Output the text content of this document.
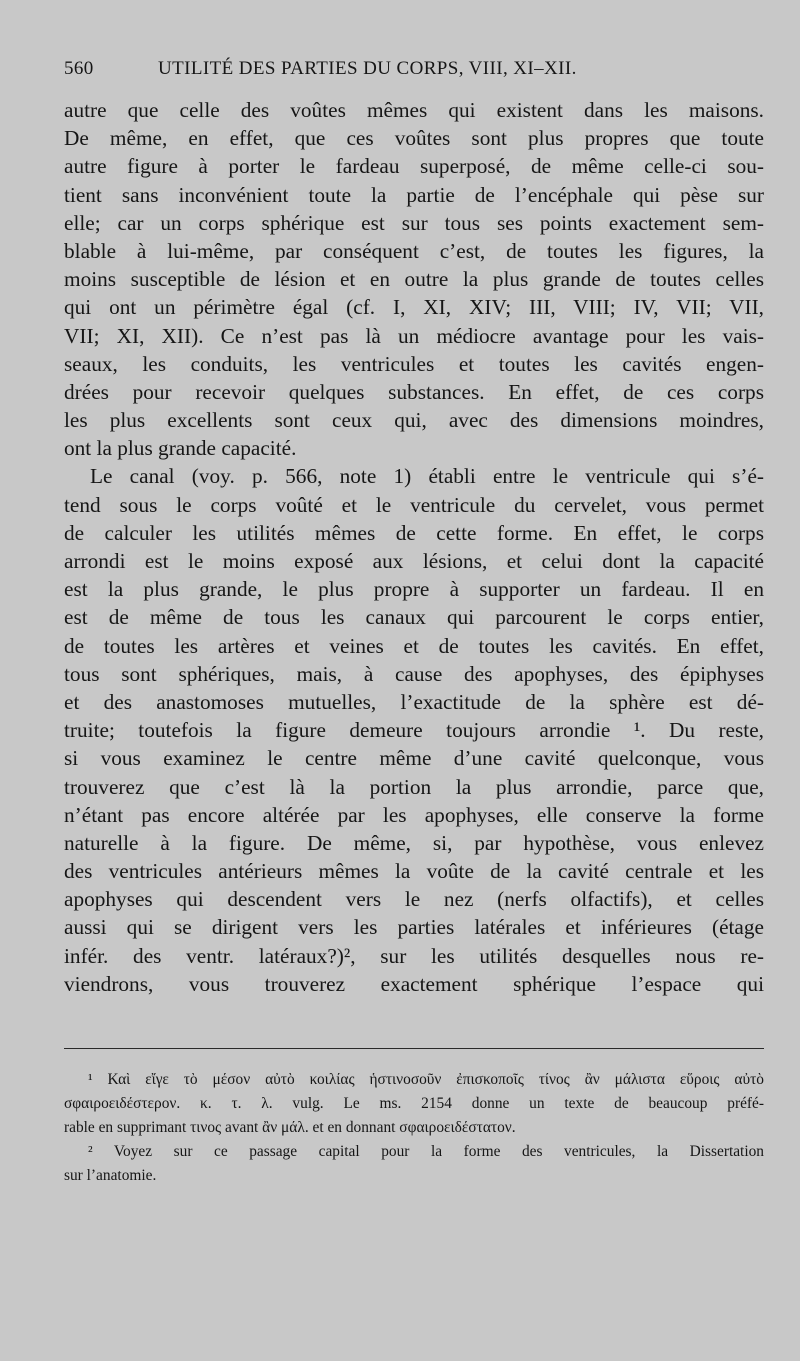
560	UTILITÉ DES PARTIES DU CORPS, VIII, XI–XII.
autre que celle des voûtes mêmes qui existent dans les maisons.
De même, en effet, que ces voûtes sont plus propres que toute
autre figure à porter le fardeau superposé, de même celle-ci sou-
tient sans inconvénient toute la partie de l’encéphale qui pèse sur
elle; car un corps sphérique est sur tous ses points exactement sem-
blable à lui-même, par conséquent c’est, de toutes les figures, la
moins susceptible de lésion et en outre la plus grande de toutes celles
qui ont un périmètre égal (cf. I, XI, XIV; III, VIII; IV, VII; VII,
VII; XI, XII). Ce n’est pas là un médiocre avantage pour les vais-
seaux, les conduits, les ventricules et toutes les cavités engen-
drées pour recevoir quelques substances. En effet, de ces corps
les plus excellents sont ceux qui, avec des dimensions moindres,
ont la plus grande capacité.
Le canal (voy. p. 566, note 1) établi entre le ventricule qui s’é-
tend sous le corps voûté et le ventricule du cervelet, vous permet
de calculer les utilités mêmes de cette forme. En effet, le corps
arrondi est le moins exposé aux lésions, et celui dont la capacité
est la plus grande, le plus propre à supporter un fardeau. Il en
est de même de tous les canaux qui parcourent le corps entier,
de toutes les artères et veines et de toutes les cavités. En effet,
tous sont sphériques, mais, à cause des apophyses, des épiphyses
et des anastomoses mutuelles, l’exactitude de la sphère est dé-
truite; toutefois la figure demeure toujours arrondie ¹. Du reste,
si vous examinez le centre même d’une cavité quelconque, vous
trouverez que c’est là la portion la plus arrondie, parce que,
n’étant pas encore altérée par les apophyses, elle conserve la forme
naturelle à la figure. De même, si, par hypothèse, vous enlevez
des ventricules antérieurs mêmes la voûte de la cavité centrale et les
apophyses qui descendent vers le nez (nerfs olfactifs), et celles
aussi qui se dirigent vers les parties latérales et inférieures (étage
infér. des ventr. latéraux?)², sur les utilités desquelles nous re-
viendrons, vous trouverez exactement sphérique l’espace qui
¹ Καὶ εἴγε τὸ μέσον αὐτὸ κοιλίας ἡστινοσοῦν ἐπισκοποῖς τίνος ἂν μάλιστα εὕροις αὐτὸ
σφαιροειδέστερον. κ. τ. λ. vulg. Le ms. 2154 donne un texte de beaucoup préfé-
rable en supprimant τινος avant ἂν μάλ. et en donnant σφαιροειδέστατον.
² Voyez sur ce passage capital pour la forme des ventricules, la Dissertation
sur l’anatomie.
